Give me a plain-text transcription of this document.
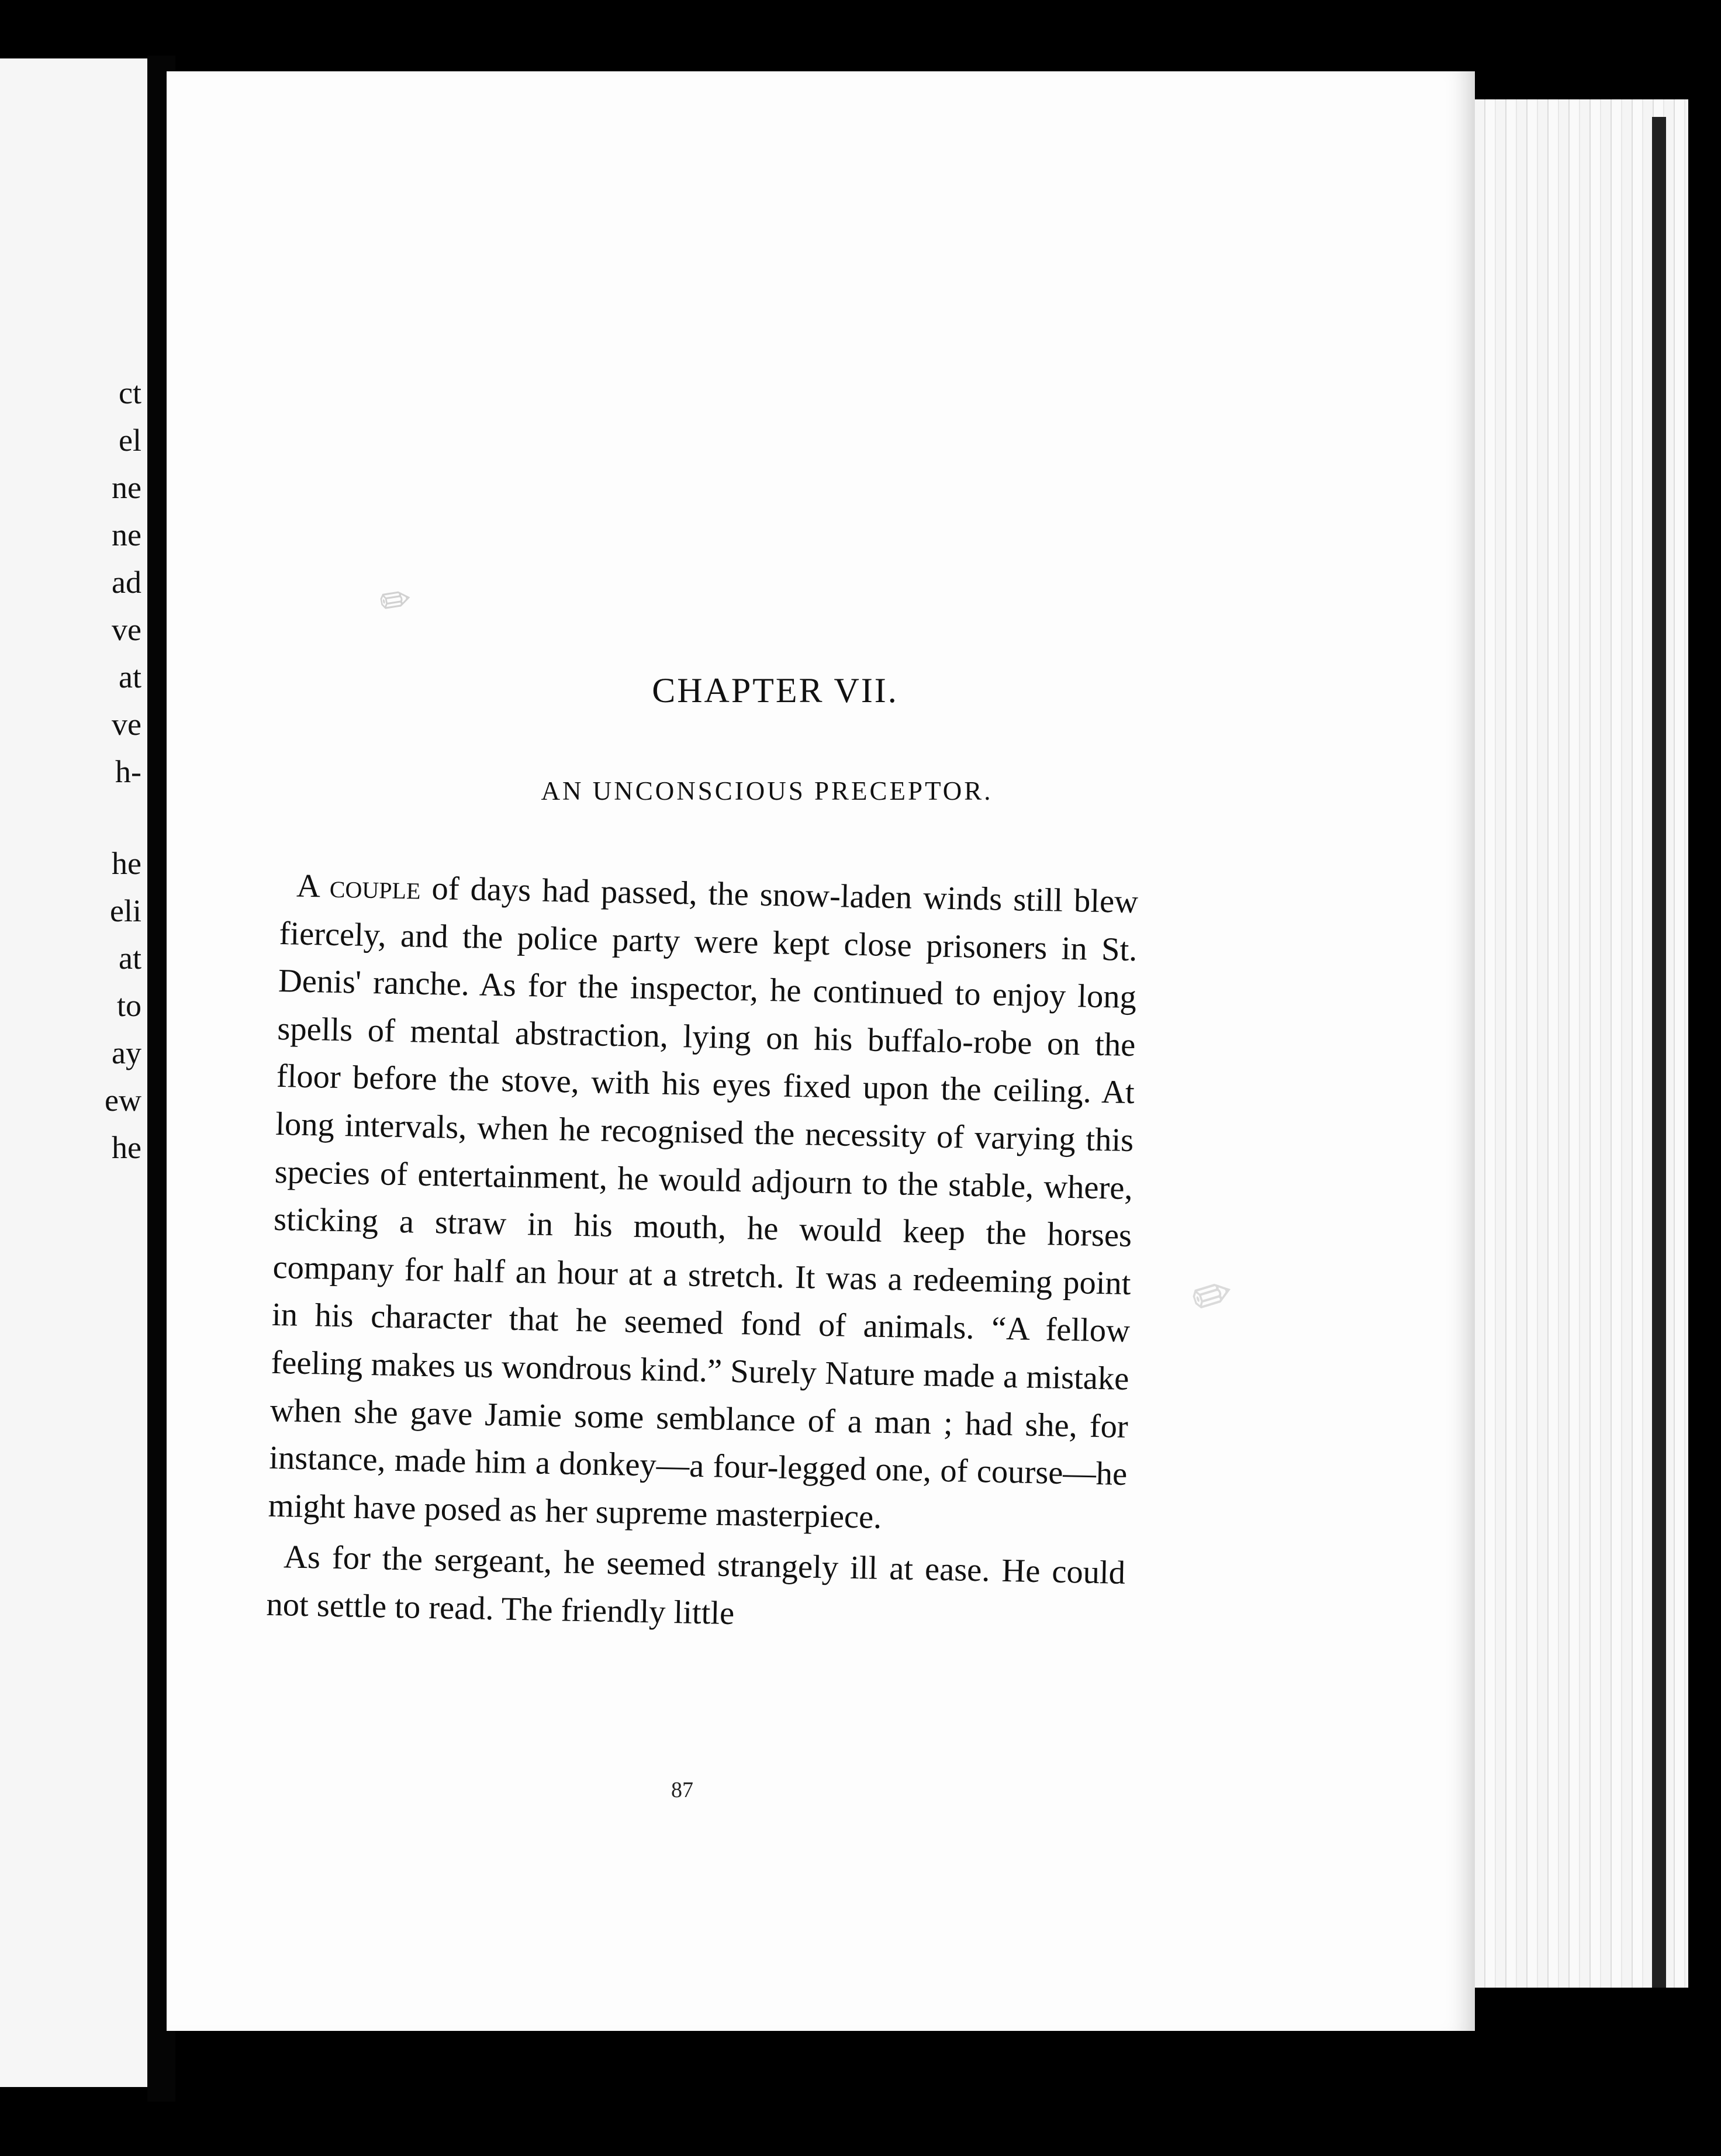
ct
el
ne
ne
ad
ve
at
ve
h-
he
eli
at
to
ay
ew
he
✎
✎
CHAPTER VII.
AN UNCONSCIOUS PRECEPTOR.

A couple of days had passed, the snow-laden winds still blew fiercely, and the police party were kept close prisoners in St. Denis' ranche. As for the inspector, he continued to enjoy long spells of mental abstraction, lying on his buffalo-robe on the floor before the stove, with his eyes fixed upon the ceiling. At long intervals, when he recognised the necessity of varying this species of entertainment, he would adjourn to the stable, where, sticking a straw in his mouth, he would keep the horses company for half an hour at a stretch. It was a redeeming point in his character that he seemed fond of animals. “A fellow feeling makes us wondrous kind.” Surely Nature made a mistake when she gave Jamie some semblance of a man ; had she, for instance, made him a donkey—a four-legged one, of course—he might have posed as her supreme masterpiece.

As for the sergeant, he seemed strangely ill at ease. He could not settle to read. The friendly little

87
